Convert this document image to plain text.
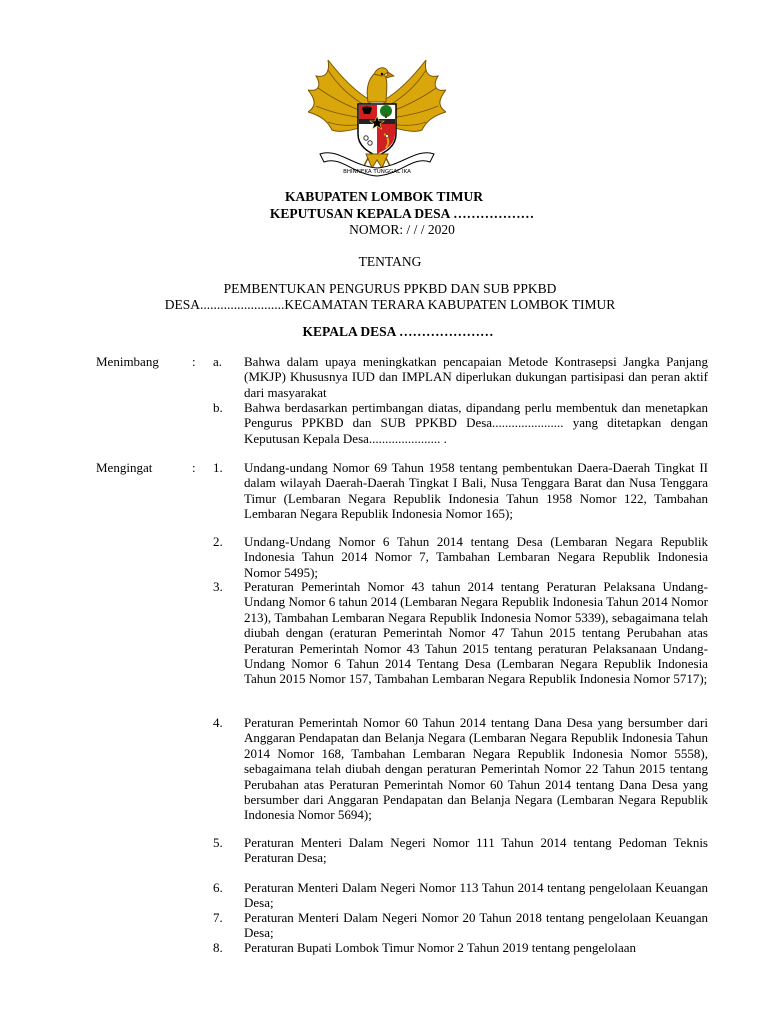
BHINNEKA TUNGGAL IKA
KABUPATEN LOMBOK TIMUR
KEPUTUSAN KEPALA DESA ………………
NOMOR: / / / 2020
TENTANG
PEMBENTUKAN PENGURUS PPKBD DAN SUB PPKBD
DESA.........................KECAMATAN TERARA KABUPATEN LOMBOK TIMUR
KEPALA DESA …………………
Menimbang	: a. Bahwa dalam upaya meningkatkan pencapaian Metode Kontrasepsi Jangka Panjang (MKJP) Khususnya IUD dan IMPLAN diperlukan dukungan partisipasi dan peran aktif dari masyarakat
b. Bahwa berdasarkan pertimbangan diatas, dipandang perlu membentuk dan menetapkan Pengurus PPKBD dan SUB PPKBD Desa...................... yang ditetapkan dengan Keputusan Kepala Desa...................... .
Mengingat	: 1. Undang-undang Nomor 69 Tahun 1958 tentang pembentukan Daera-Daerah Tingkat II dalam wilayah Daerah-Daerah Tingkat I Bali, Nusa Tenggara Barat dan Nusa Tenggara Timur (Lembaran Negara Republik Indonesia Tahun 1958 Nomor 122, Tambahan Lembaran Negara Republik Indonesia Nomor 165);
2. Undang-Undang Nomor 6 Tahun 2014 tentang Desa (Lembaran Negara Republik Indonesia Tahun 2014 Nomor 7, Tambahan Lembaran Negara Republik Indonesia Nomor 5495);
3. Peraturan Pemerintah Nomor 43 tahun 2014 tentang Peraturan Pelaksana Undang-Undang Nomor 6 tahun 2014 (Lembaran Negara Republik Indonesia Tahun 2014 Nomor 213), Tambahan Lembaran Negara Republik Indonesia Nomor 5339), sebagaimana telah diubah dengan (eraturan Pemerintah Nomor 47 Tahun 2015 tentang Perubahan atas Peraturan Pemerintah Nomor 43 Tahun 2015 tentang peraturan Pelaksanaan Undang-Undang Nomor 6 Tahun 2014 Tentang Desa (Lembaran Negara Republik Indonesia Tahun 2015 Nomor 157, Tambahan Lembaran Negara Republik Indonesia Nomor 5717);
4. Peraturan Pemerintah Nomor 60 Tahun 2014 tentang Dana Desa yang bersumber dari Anggaran Pendapatan dan Belanja Negara (Lembaran Negara Republik Indonesia Tahun 2014 Nomor 168, Tambahan Lembaran Negara Republik Indonesia Nomor 5558), sebagaimana telah diubah dengan peraturan Pemerintah Nomor 22 Tahun 2015 tentang Perubahan atas Peraturan Pemerintah Nomor 60 Tahun 2014 tentang Dana Desa yang bersumber dari Anggaran Pendapatan dan Belanja Negara (Lembaran Negara Republik Indonesia Nomor 5694);
5. Peraturan Menteri Dalam Negeri Nomor 111 Tahun 2014 tentang Pedoman Teknis Peraturan Desa;
6. Peraturan Menteri Dalam Negeri Nomor 113 Tahun 2014 tentang pengelolaan Keuangan Desa;
7. Peraturan Menteri Dalam Negeri Nomor 20 Tahun 2018 tentang pengelolaan Keuangan Desa;
8. Peraturan Bupati Lombok Timur Nomor 2 Tahun 2019 tentang pengelolaan
